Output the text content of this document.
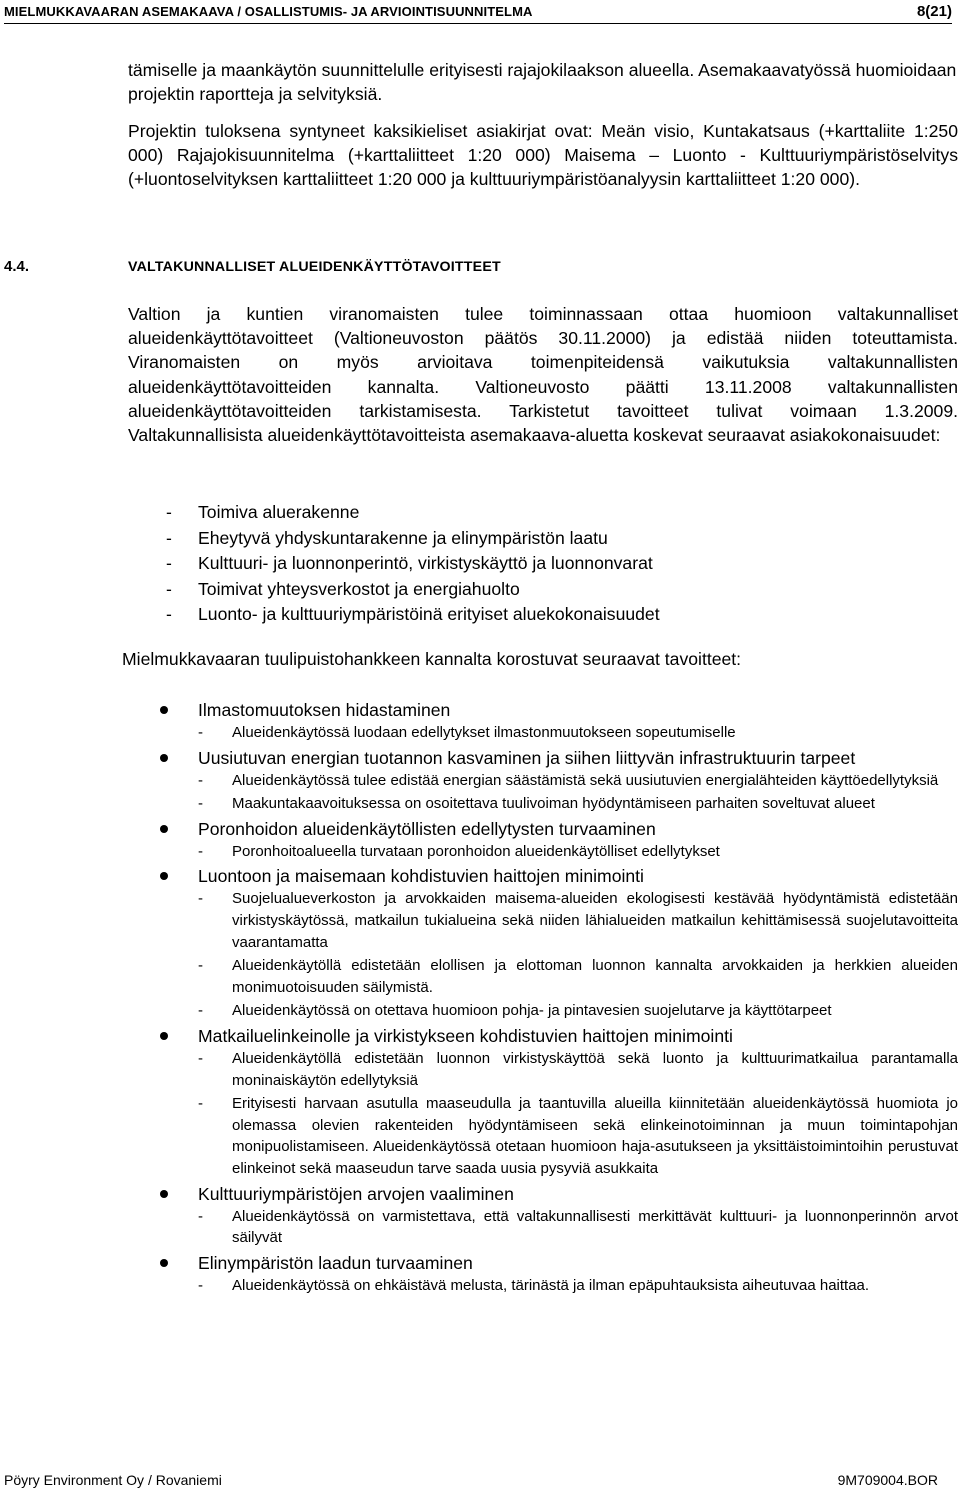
MIELMUKKAVAARAN ASEMAKAAVA / OSALLISTUMIS- JA ARVIOINTISUUNNITELMA	8(21)

tämiselle ja maankäytön suunnittelulle erityisesti rajajokilaakson alueella. Asemakaavatyössä huomioidaan projektin raportteja ja selvityksiä.

Projektin tuloksena syntyneet kaksikieliset asiakirjat ovat: Meän visio, Kuntakatsaus (+karttaliite 1:250 000) Rajajokisuunnitelma (+karttaliitteet 1:20 000) Maisema – Luonto - Kulttuuriympäristöselvitys (+luontoselvityksen karttaliitteet 1:20 000 ja kulttuuriympäristöanalyysin karttaliitteet 1:20 000).

4.4.	VALTAKUNNALLISET ALUEIDENKÄYTTÖTAVOITTEET

Valtion ja kuntien viranomaisten tulee toiminnassaan ottaa huomioon valtakunnalliset alueidenkäyttötavoitteet (Valtioneuvoston päätös 30.11.2000) ja edistää niiden toteuttamista. Viranomaisten on myös arvioitava toimenpiteidensä vaikutuksia valtakunnallisten alueidenkäyttötavoitteiden kannalta. Valtioneuvosto päätti 13.11.2008 valtakunnallisten alueidenkäyttötavoitteiden tarkistamisesta. Tarkistetut tavoitteet tulivat voimaan 1.3.2009. Valtakunnallisista alueidenkäyttötavoitteista asemakaava-aluetta koskevat seuraavat asiakokonaisuudet:

- Toimiva aluerakenne
- Eheytyvä yhdyskuntarakenne ja elinympäristön laatu
- Kulttuuri- ja luonnonperintö, virkistyskäyttö ja luonnonvarat
- Toimivat yhteysverkostot ja energiahuolto
- Luonto- ja kulttuuriympäristöinä erityiset aluekokonaisuudet
Mielmukkavaaran tuulipuistohankkeen kannalta korostuvat seuraavat tavoitteet:
Ilmastomuutoksen hidastaminen
- Alueidenkäytössä luodaan edellytykset ilmastonmuutokseen sopeutumiselle
Uusiutuvan energian tuotannon kasvaminen ja siihen liittyvän infrastruktuurin tarpeet
- Alueidenkäytössä tulee edistää energian säästämistä sekä uusiutuvien energialähteiden käyttöedellytyksiä
- Maakuntakaavoituksessa on osoitettava tuulivoiman hyödyntämiseen parhaiten soveltuvat alueet
Poronhoidon alueidenkäytöllisten edellytysten turvaaminen
- Poronhoitoalueella turvataan poronhoidon alueidenkäytölliset edellytykset
Luontoon ja maisemaan kohdistuvien haittojen minimointi
- Suojelualueverkoston ja arvokkaiden maisema-alueiden ekologisesti kestävää hyödyntämistä edistetään virkistyskäytössä, matkailun tukialueina sekä niiden lähialueiden matkailun kehittämisessä suojelutavoitteita vaarantamatta
- Alueidenkäytöllä edistetään elollisen ja elottoman luonnon kannalta arvokkaiden ja herkkien alueiden monimuotoisuuden säilymistä.
- Alueidenkäytössä on otettava huomioon pohja- ja pintavesien suojelutarve ja käyttötarpeet
Matkailuelinkeinolle ja virkistykseen kohdistuvien haittojen minimointi
- Alueidenkäytöllä edistetään luonnon virkistyskäyttöä sekä luonto ja kulttuurimatkailua parantamalla moninaiskäytön edellytyksiä
- Erityisesti harvaan asutulla maaseudulla ja taantuvilla alueilla kiinnitetään alueidenkäytössä huomiota jo olemassa olevien rakenteiden hyödyntämiseen sekä elinkeinotoiminnan ja muun toimintapohjan monipuolistamiseen. Alueidenkäytössä otetaan huomioon haja-asutukseen ja yksittäistoimintoihin perustuvat elinkeinot sekä maaseudun tarve saada uusia pysyviä asukkaita
Kulttuuriympäristöjen arvojen vaaliminen
- Alueidenkäytössä on varmistettava, että valtakunnallisesti merkittävät kulttuuri- ja luonnonperinnön arvot säilyvät
Elinympäristön laadun turvaaminen
- Alueidenkäytössä on ehkäistävä melusta, tärinästä ja ilman epäpuhtauksista aiheutuvaa haittaa.
Pöyry Environment Oy / Rovaniemi	9M709004.BOR
